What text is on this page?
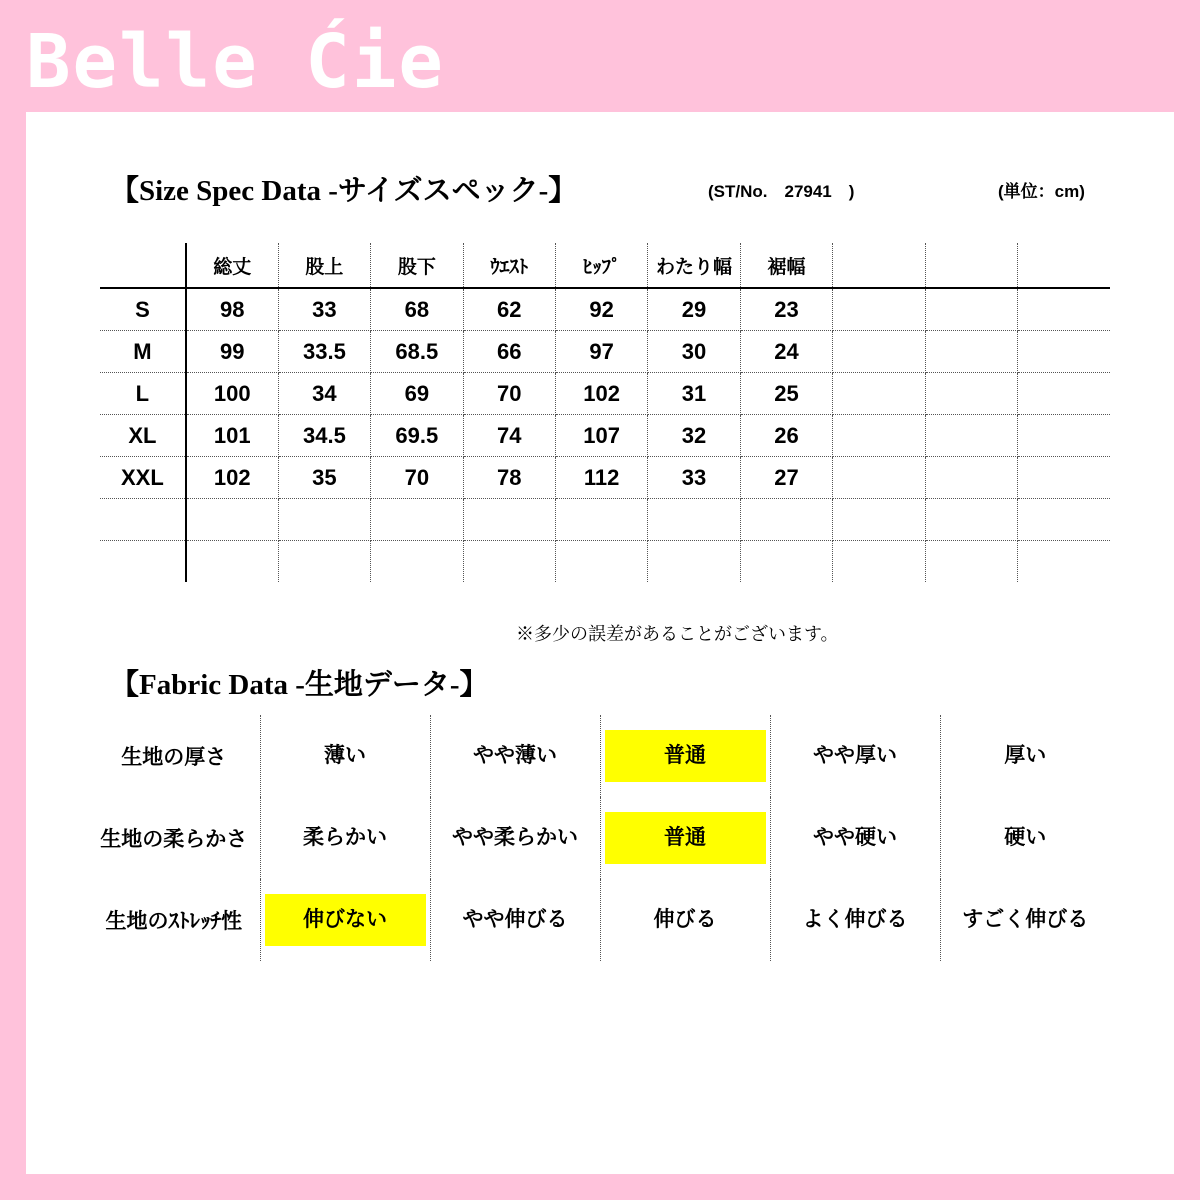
Belle Ćie
【Size Spec Data -サイズスペック-】	(ST/No.　27941　)	(単位：cm)
	総丈	股上	股下	ｳｴｽﾄ	ﾋｯﾌﾟ	わたり幅	裾幅			
S	98	33	68	62	92	29	23			
M	99	33.5	68.5	66	97	30	24			
L	100	34	69	70	102	31	25			
XL	101	34.5	69.5	74	107	32	26			
XXL	102	35	70	78	112	33	27			

※多少の誤差があることがございます。
【Fabric Data -生地データ-】
生地の厚さ	薄い	やや薄い	普通	やや厚い	厚い

生地の柔らかさ	柔らかい	やや柔らかい	普通	やや硬い	硬い

生地のｽﾄﾚｯﾁ性	伸びない	やや伸びる	伸びる	よく伸びる	すごく伸びる
